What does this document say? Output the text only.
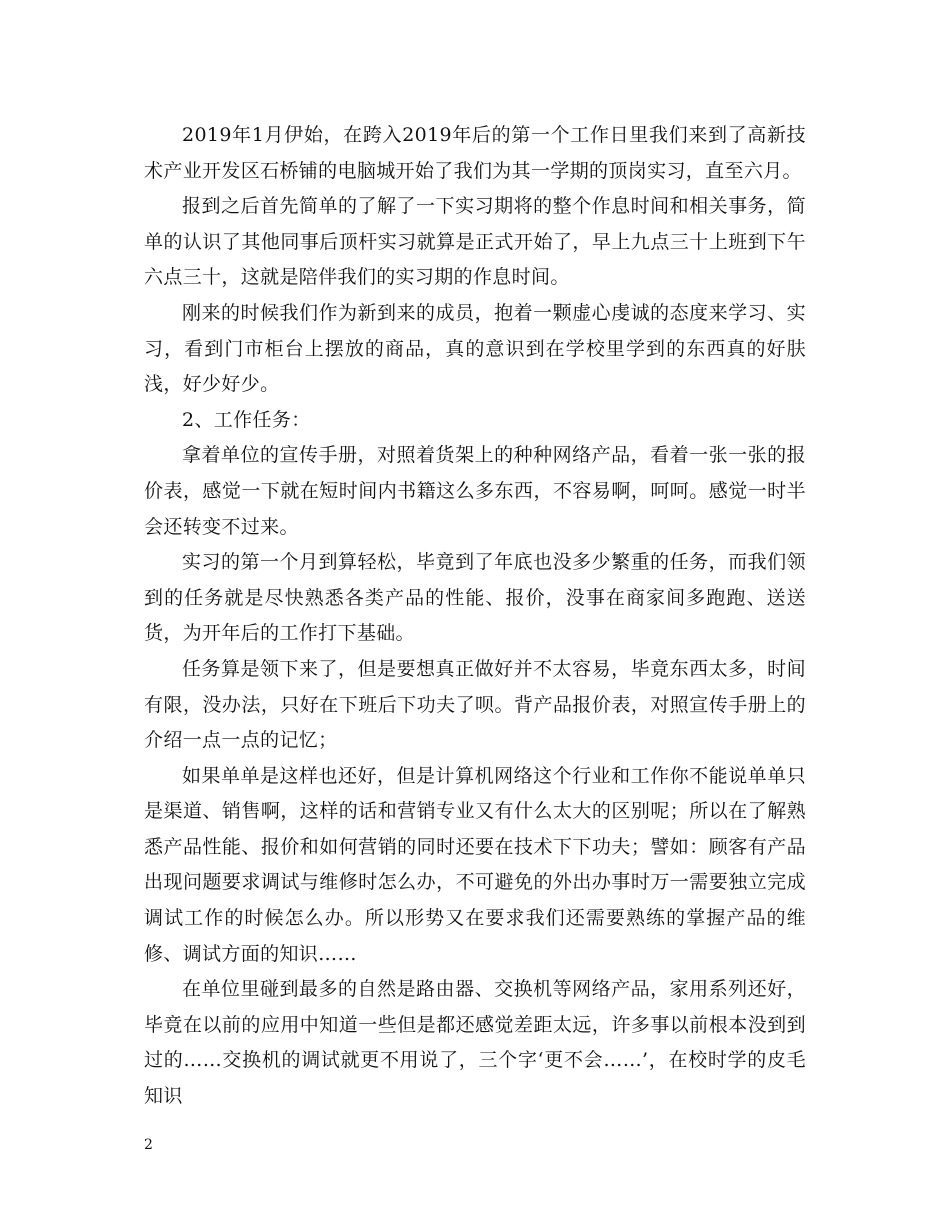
2019年1月伊始，在跨入2019年后的第一个工作日里我们来到了高新技术产业开发区石桥铺的电脑城开始了我们为其一学期的顶岗实习，直至六月。

报到之后首先简单的了解了一下实习期将的整个作息时间和相关事务，简单的认识了其他同事后顶杆实习就算是正式开始了，早上九点三十上班到下午六点三十，这就是陪伴我们的实习期的作息时间。

刚来的时候我们作为新到来的成员，抱着一颗虚心虔诚的态度来学习、实习，看到门市柜台上摆放的商品，真的意识到在学校里学到的东西真的好肤浅，好少好少。

2、工作任务：

拿着单位的宣传手册，对照着货架上的种种网络产品，看着一张一张的报价表，感觉一下就在短时间内书籍这么多东西，不容易啊，呵呵。感觉一时半会还转变不过来。

实习的第一个月到算轻松，毕竟到了年底也没多少繁重的任务，而我们领到的任务就是尽快熟悉各类产品的性能、报价，没事在商家间多跑跑、送送货，为开年后的工作打下基础。

任务算是领下来了，但是要想真正做好并不太容易，毕竟东西太多，时间有限，没办法，只好在下班后下功夫了呗。背产品报价表，对照宣传手册上的介绍一点一点的记忆；

如果单单是这样也还好，但是计算机网络这个行业和工作你不能说单单只是渠道、销售啊，这样的话和营销专业又有什么太大的区别呢；所以在了解熟悉产品性能、报价和如何营销的同时还要在技术下下功夫；譬如：顾客有产品出现问题要求调试与维修时怎么办，不可避免的外出办事时万一需要独立完成调试工作的时候怎么办。所以形势又在要求我们还需要熟练的掌握产品的维修、调试方面的知识……

在单位里碰到最多的自然是路由器、交换机等网络产品，家用系列还好，毕竟在以前的应用中知道一些但是都还感觉差距太远，许多事以前根本没到到过的……交换机的调试就更不用说了，三个字‘更不会……’，在校时学的皮毛知识

2
